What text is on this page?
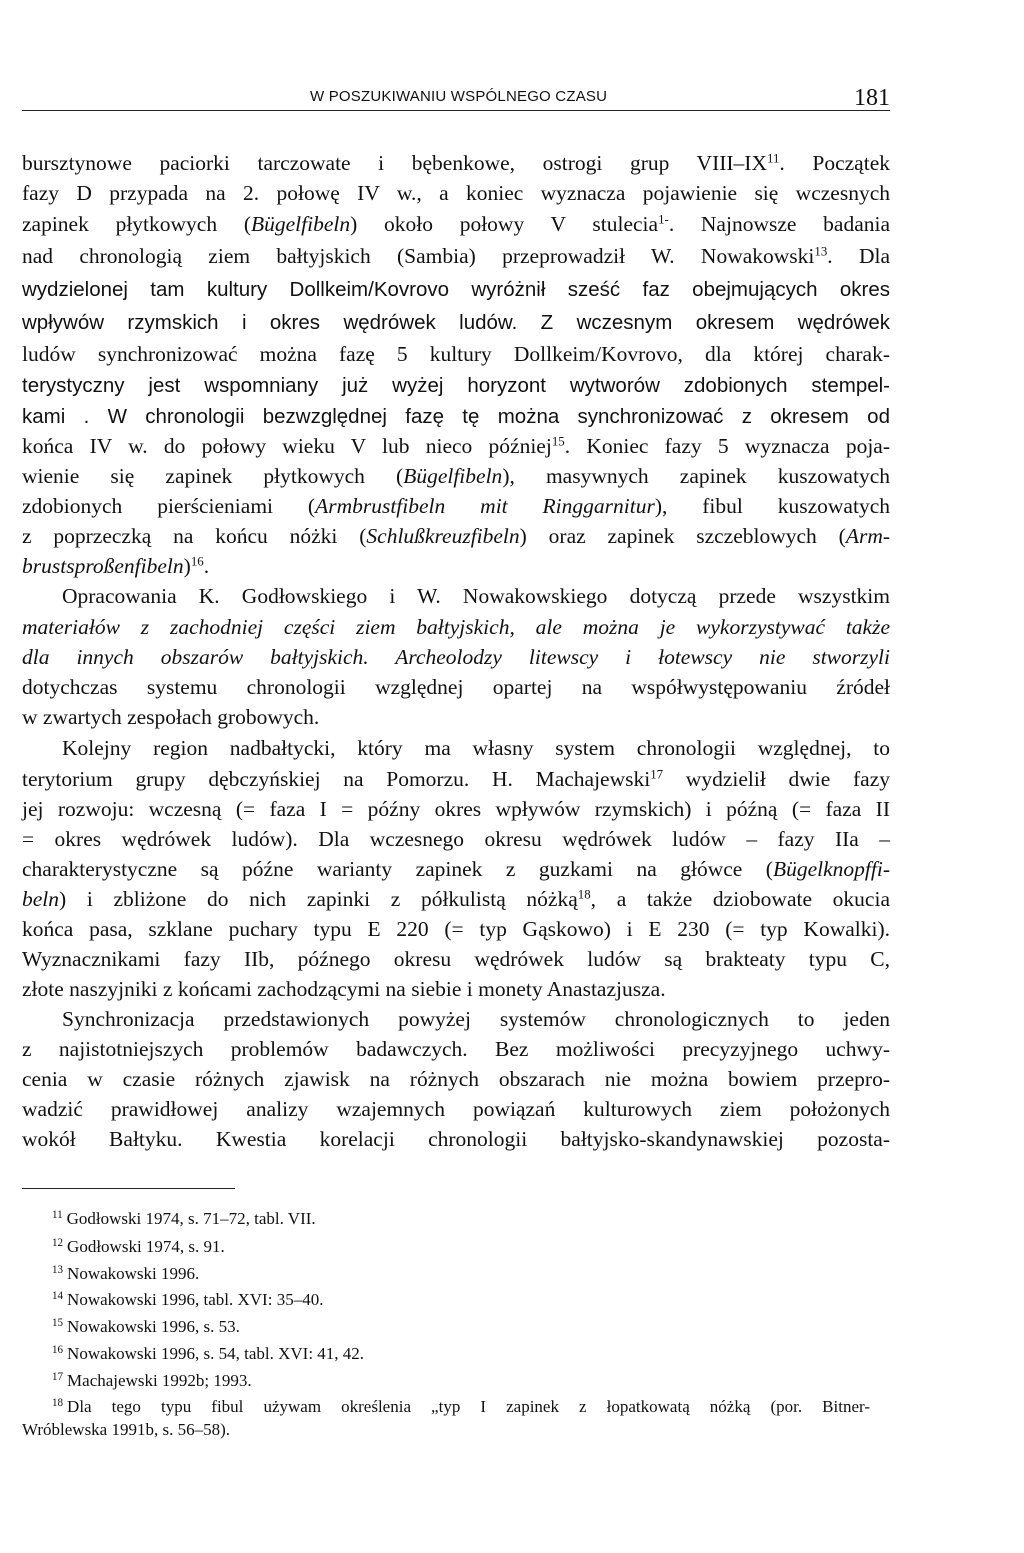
W POSZUKIWANIU WSPÓLNEGO CZASU	181
bursztynowe paciorki tarczowate i bębenkowe, ostrogi grup VIII–IX$^{11}$. Początek
fazy D przypada na 2. połowę IV w., a koniec wyznacza pojawienie się wczesnych
zapinek płytkowych (Bügelfibeln) około połowy V stulecia$^{1-}$. Najnowsze badania
nad chronologią ziem bałtyjskich (Sambia) przeprowadził W. Nowakowski$^{13}$. Dla
wydzielonej tam kultury Dollkeim/Kovrovo wyróżnił sześć faz obejmujących okres
wpływów rzymskich i okres wędrówek ludów. Z wczesnym okresem wędrówek
ludów synchronizować można fazę 5 kultury Dollkeim/Kovrovo, dla której charak-
terystyczny jest wspomniany już wyżej horyzont wytworów zdobionych stempel-
kami . W chronologii bezwzględnej fazę tę można synchronizować z okresem od
końca IV w. do połowy wieku V lub nieco później$^{15}$. Koniec fazy 5 wyznacza poja-
wienie się zapinek płytkowych (Bügelfibeln), masywnych zapinek kuszowatych
zdobionych pierścieniami (Armbrustfibeln mit Ringgarnitur), fibul kuszowatych
z poprzeczką na końcu nóżki (Schlußkreuzfibeln) oraz zapinek szczeblowych (Arm-
brustsproßenfibeln)$^{16}$.
Opracowania K. Godłowskiego i W. Nowakowskiego dotyczą przede wszystkim
materiałów z zachodniej części ziem bałtyjskich, ale można je wykorzystywać także
dla innych obszarów bałtyjskich. Archeolodzy litewscy i łotewscy nie stworzyli
dotychczas systemu chronologii względnej opartej na współwystępowaniu źródeł
w zwartych zespołach grobowych.
Kolejny region nadbałtycki, który ma własny system chronologii względnej, to
terytorium grupy dębczyńskiej na Pomorzu. H. Machajewski$^{17}$ wydzielił dwie fazy
jej rozwoju: wczesną (= faza I = późny okres wpływów rzymskich) i późną (= faza II
= okres wędrówek ludów). Dla wczesnego okresu wędrówek ludów – fazy IIa –
charakterystyczne są późne warianty zapinek z guzkami na główce (Bügelknopffi-
beln) i zbliżone do nich zapinki z półkulistą nóżką$^{18}$, a także dziobowate okucia
końca pasa, szklane puchary typu E 220 (= typ Gąskowo) i E 230 (= typ Kowalki).
Wyznacznikami fazy IIb, późnego okresu wędrówek ludów są brakteaty typu C,
złote naszyjniki z końcami zachodzącymi na siebie i monety Anastazjusza.
Synchronizacja przedstawionych powyżej systemów chronologicznych to jeden
z najistotniejszych problemów badawczych. Bez możliwości precyzyjnego uchwy-
cenia w czasie różnych zjawisk na różnych obszarach nie można bowiem przepro-
wadzić prawidłowej analizy wzajemnych powiązań kulturowych ziem położonych
wokół Bałtyku. Kwestia korelacji chronologii bałtyjsko-skandynawskiej pozosta-
$^{11}$ Godłowski 1974, s. 71–72, tabl. VII.
$^{12}$ Godłowski 1974, s. 91.
$^{13}$ Nowakowski 1996.
$^{14}$ Nowakowski 1996, tabl. XVI: 35–40.
$^{15}$ Nowakowski 1996, s. 53.
$^{16}$ Nowakowski 1996, s. 54, tabl. XVI: 41, 42.
$^{17}$ Machajewski 1992b; 1993.
$^{18}$ Dla tego typu fibul używam określenia „typ I zapinek z łopatkowatą nóżką (por. Bitner-
Wróblewska 1991b, s. 56–58).
